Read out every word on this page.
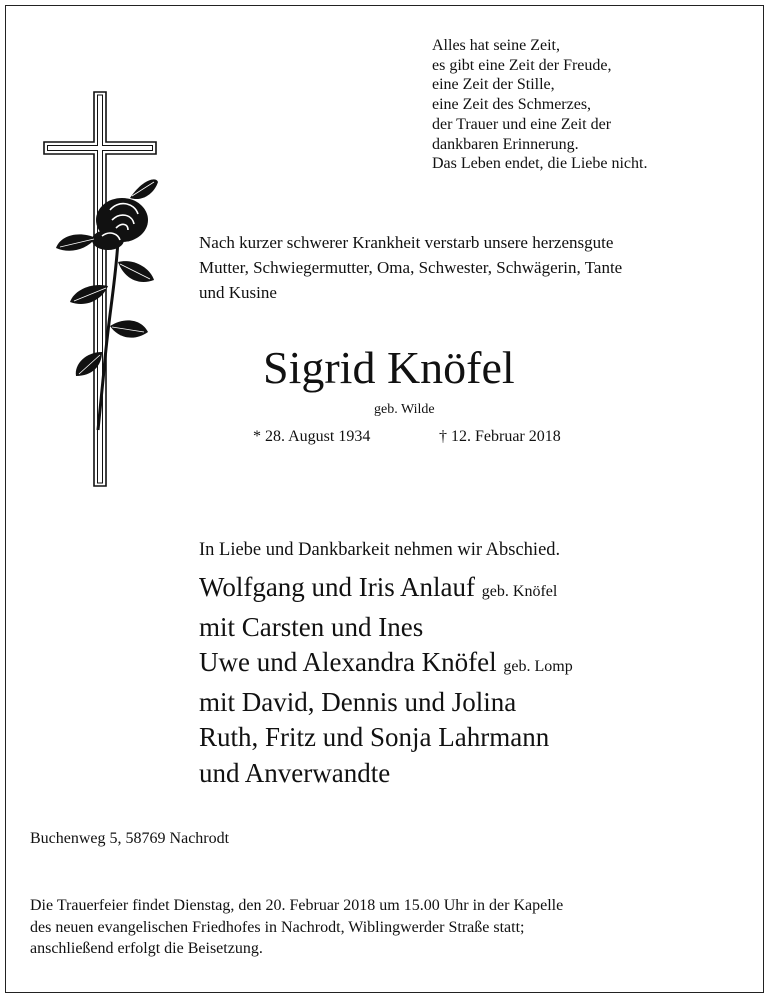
Alles hat seine Zeit,
es gibt eine Zeit der Freude,
eine Zeit der Stille,
eine Zeit des Schmerzes,
der Trauer und eine Zeit der
dankbaren Erinnerung.
Das Leben endet, die Liebe nicht.
Nach kurzer schwerer Krankheit verstarb unsere herzensgute
Mutter, Schwiegermutter, Oma, Schwester, Schwägerin, Tante
und Kusine
Sigrid Knöfel
geb. Wilde
* 28. August 1934	† 12. Februar 2018
In Liebe und Dankbarkeit nehmen wir Abschied.
Wolfgang und Iris Anlauf geb. Knöfel
mit Carsten und Ines
Uwe und Alexandra Knöfel geb. Lomp
mit David, Dennis und Jolina
Ruth, Fritz und Sonja Lahrmann
und Anverwandte
Buchenweg 5, 58769 Nachrodt
Die Trauerfeier findet Dienstag, den 20. Februar 2018 um 15.00 Uhr in der Kapelle
des neuen evangelischen Friedhofes in Nachrodt, Wiblingwerder Straße statt;
anschließend erfolgt die Beisetzung.
